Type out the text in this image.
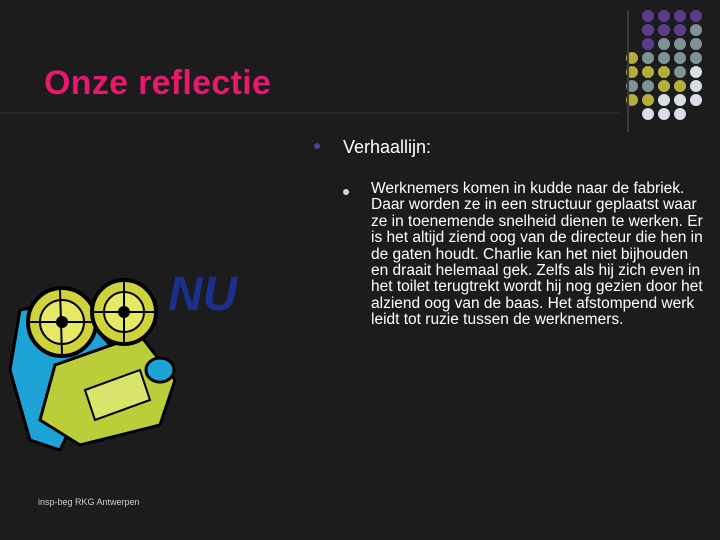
Onze reflectie
Verhaallijn:
Werknemers komen in kudde naar de fabriek. Daar worden ze in een structuur geplaatst waar ze in toenemende snelheid dienen te werken. Er is het altijd ziend oog van de directeur die hen in de gaten houdt. Charlie kan het niet bijhouden en draait helemaal gek. Zelfs als hij zich even in het toilet terugtrekt wordt hij nog gezien door het alziend oog van de baas. Het afstompend werk leidt tot ruzie tussen de werknemers.
NU
insp-beg RKG Antwerpen
